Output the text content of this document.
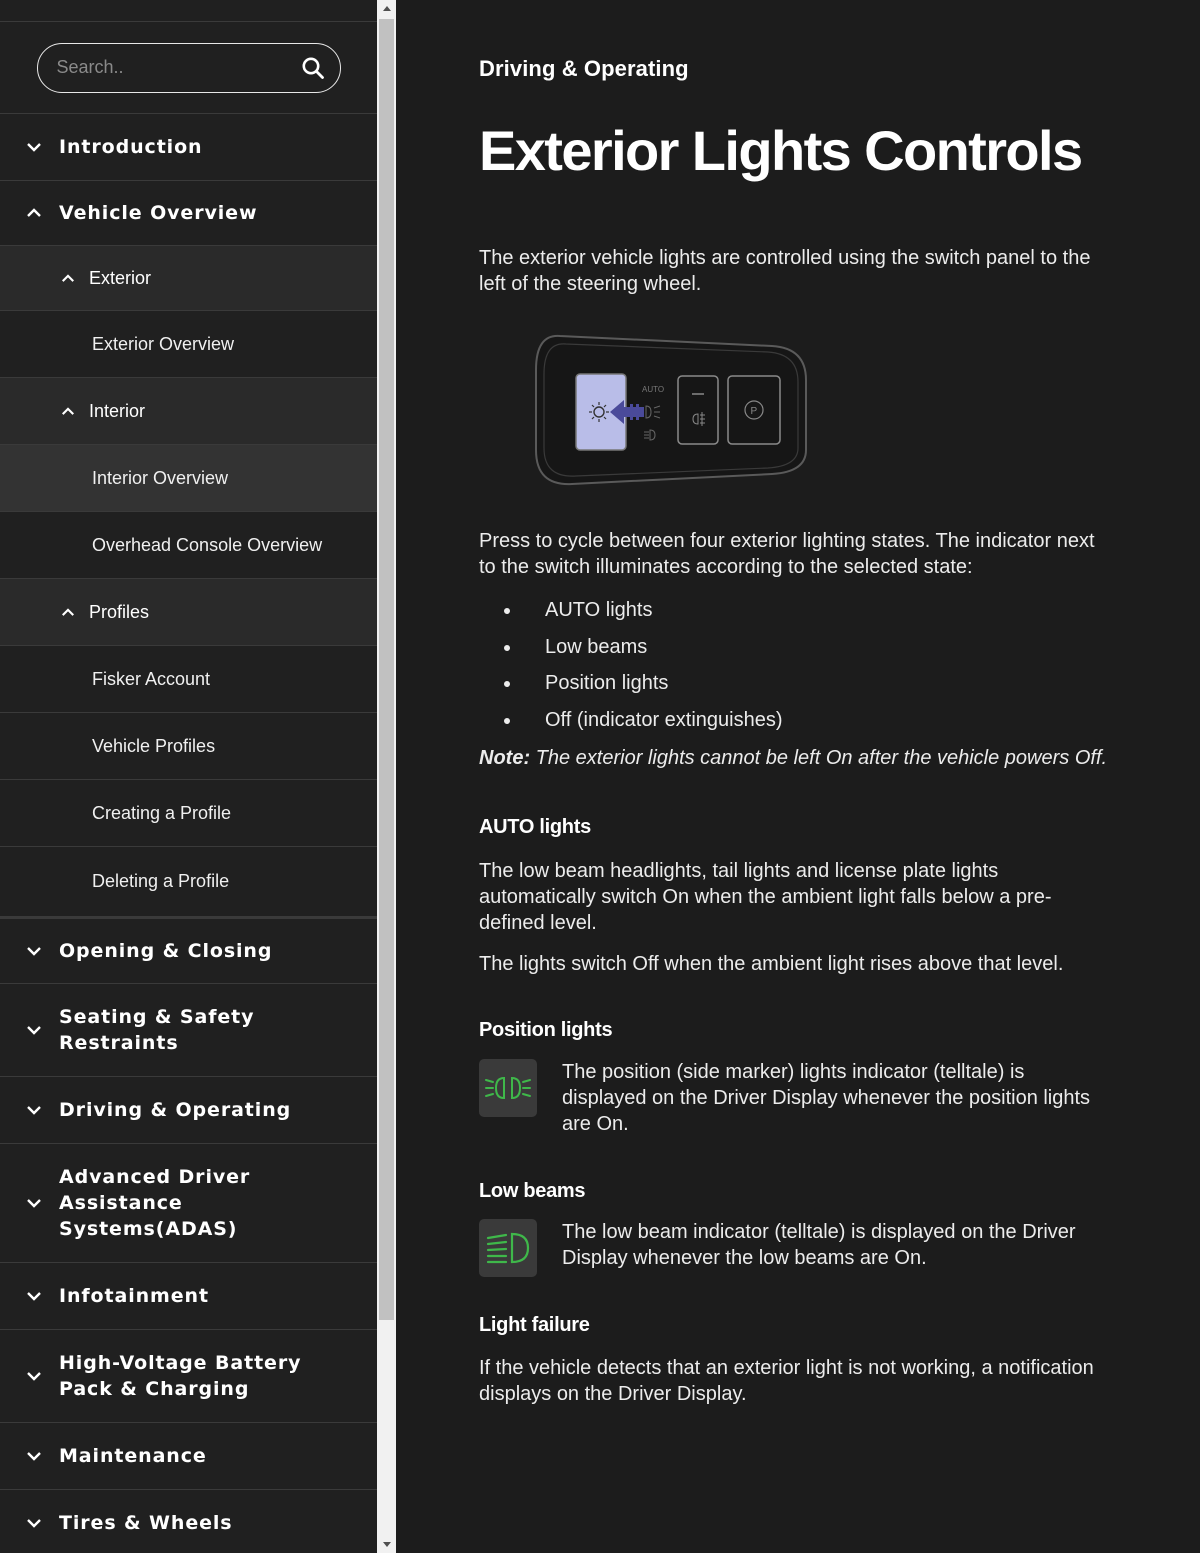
Search..
Introduction
Vehicle Overview
Exterior
Exterior Overview
Interior
Interior Overview
Overhead Console Overview
Profiles
Fisker Account
Vehicle Profiles
Creating a Profile
Deleting a Profile
Opening & Closing
Seating & Safety
Restraints
Driving & Operating
Advanced Driver
Assistance
Systems(ADAS)
Infotainment
High-Voltage Battery
Pack & Charging
Maintenance
Tires & Wheels
Driving & Operating
Exterior Lights Controls
The exterior vehicle lights are controlled using the switch panel to the
left of the steering wheel.
AUTO
P
Press to cycle between four exterior lighting states. The indicator next
to the switch illuminates according to the selected state:
AUTO lights
Low beams
Position lights
Off (indicator extinguishes)
Note: The exterior lights cannot be left On after the vehicle powers Off.
AUTO lights
The low beam headlights, tail lights and license plate lights
automatically switch On when the ambient light falls below a pre-
defined level.
The lights switch Off when the ambient light rises above that level.
Position lights
The position (side marker) lights indicator (telltale) is
displayed on the Driver Display whenever the position lights
are On.
Low beams
The low beam indicator (telltale) is displayed on the Driver
Display whenever the low beams are On.
Light failure
If the vehicle detects that an exterior light is not working, a notification
displays on the Driver Display.
